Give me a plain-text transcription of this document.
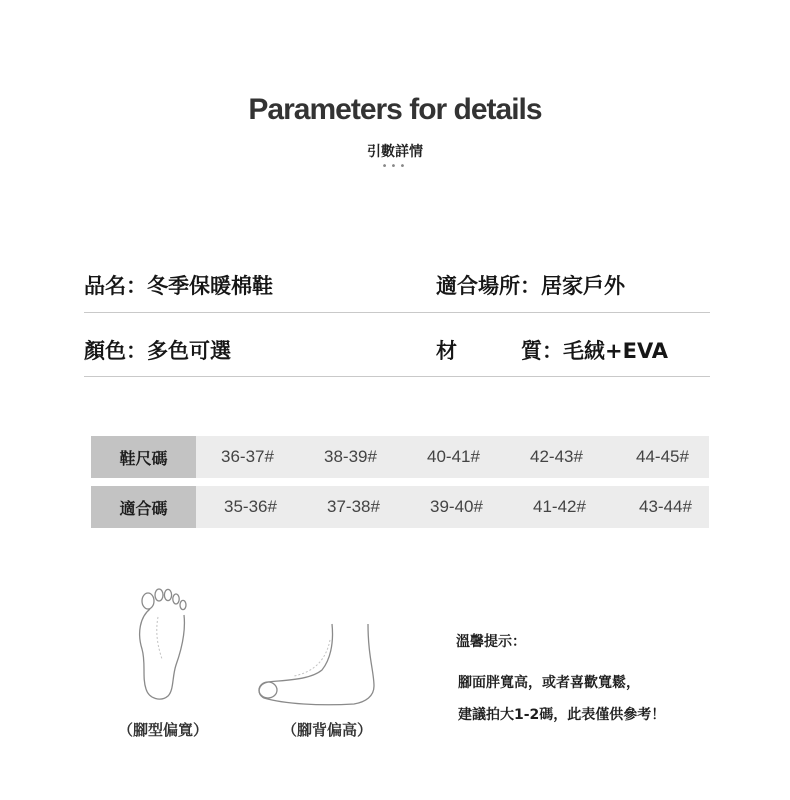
Parameters for details
引數詳情
•••
品名：冬季保暖棉鞋	適合場所：居家戶外
顏色：多色可選	材	質：毛絨+EVA
鞋尺碼	36-37#	38-39#	40-41#	42-43#	44-45#
適合碼	35-36#	37-38#	39-40#	41-42#	43-44#
（腳型偏寬）	（腳背偏高）
溫馨提示：
腳面胖寬高，或者喜歡寬鬆，
建議拍大1-2碼，此表僅供參考！
